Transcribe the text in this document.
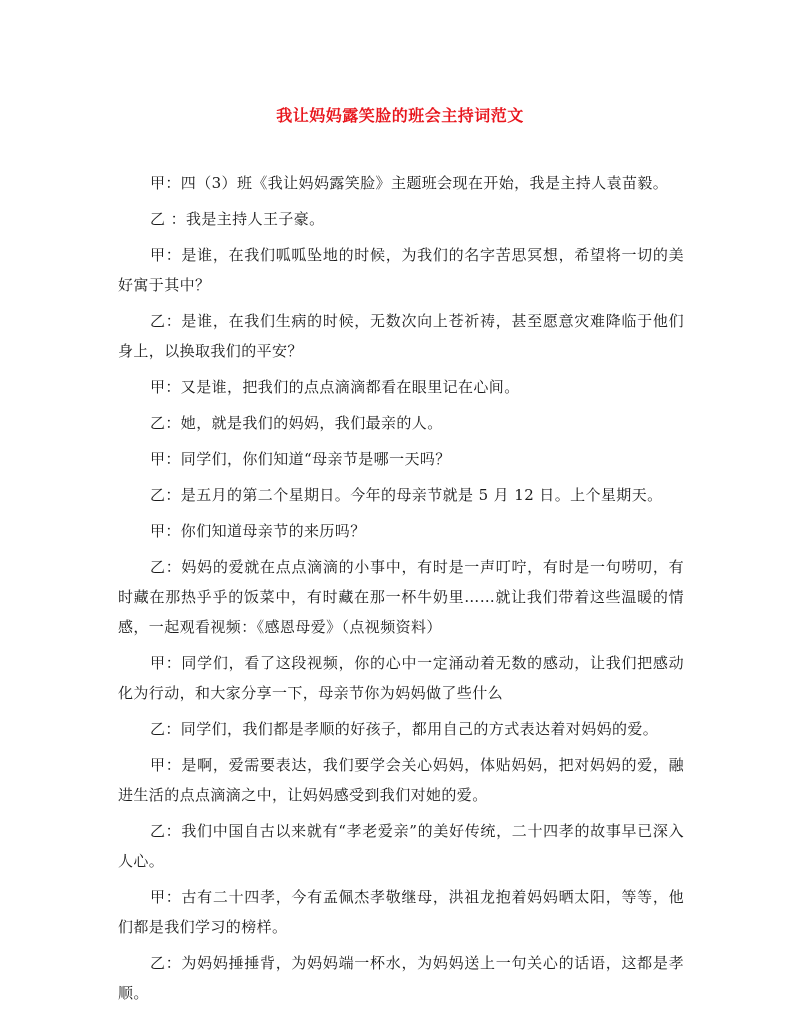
我让妈妈露笑脸的班会主持词范文

甲：四（3）班《我让妈妈露笑脸》主题班会现在开始，我是主持人袁苗毅。

乙 ：我是主持人王子豪。

甲：是谁，在我们呱呱坠地的时候，为我们的名字苦思冥想，希望将一切的美好寓于其中？

乙：是谁，在我们生病的时候，无数次向上苍祈祷，甚至愿意灾难降临于他们身上，以换取我们的平安？

甲：又是谁，把我们的点点滴滴都看在眼里记在心间。

乙：她，就是我们的妈妈，我们最亲的人。

甲：同学们，你们知道“母亲节是哪一天吗？

乙：是五月的第二个星期日。今年的母亲节就是 5 月 12 日。上个星期天。

甲：你们知道母亲节的来历吗？

乙：妈妈的爱就在点点滴滴的小事中，有时是一声叮咛，有时是一句唠叨，有时藏在那热乎乎的饭菜中，有时藏在那一杯牛奶里……就让我们带着这些温暖的情感，一起观看视频：《感恩母爱》（点视频资料）

甲：同学们，看了这段视频，你的心中一定涌动着无数的感动，让我们把感动化为行动，和大家分享一下，母亲节你为妈妈做了些什么

乙：同学们，我们都是孝顺的好孩子，都用自己的方式表达着对妈妈的爱。

甲：是啊，爱需要表达，我们要学会关心妈妈，体贴妈妈，把对妈妈的爱，融进生活的点点滴滴之中，让妈妈感受到我们对她的爱。

乙：我们中国自古以来就有“孝老爱亲”的美好传统，二十四孝的故事早已深入人心。

甲：古有二十四孝，今有孟佩杰孝敬继母，洪祖龙抱着妈妈晒太阳，等等，他们都是我们学习的榜样。

乙：为妈妈捶捶背，为妈妈端一杯水，为妈妈送上一句关心的话语，这都是孝顺。
